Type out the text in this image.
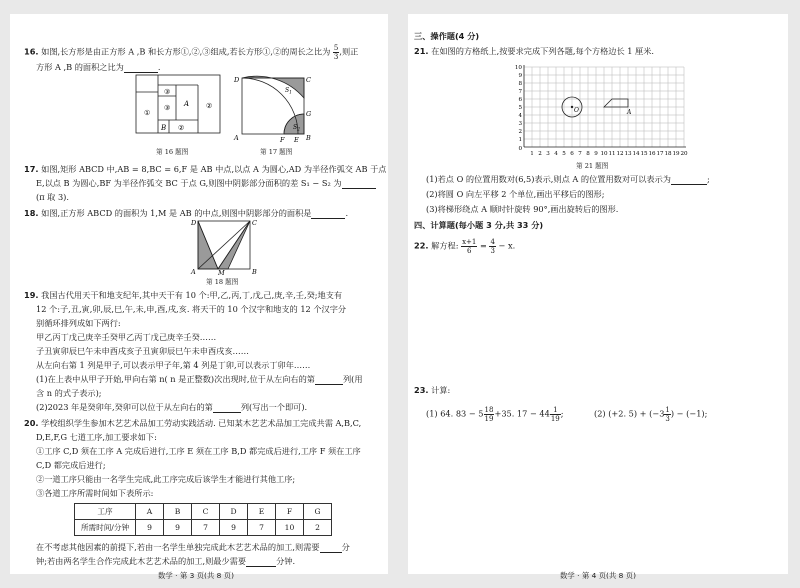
16. 如图,长方形是由正方形 A ,B 和长方形①,②,③组成,若长方形①,②的周长之比为 $\frac{5}{3}$ ,则正
方形 A ,B 的面积之比为	.
①
③
③ A ②
B ②
第 16 题图
D	C
A	B
F E
G
$S_1$
$S_2$
第 17 题图
17. 如图,矩形 ABCD 中,AB = 8,BC = 6,F 是 AB 中点,以点 A 为圆心,AD 为半径作弧交 AB 于点
E,以点 B 为圆心,BF 为半径作弧交 BC 于点 G,则图中阴影部分面积的差 S₁ − S₂ 为
(π 取 3).
18. 如图,正方形 ABCD 的面积为 1,M 是 AB 的中点,则图中阴影部分的面积是	.
D	C
A	B
M
第 18 题图
19. 我国古代用天干和地支纪年,其中天干有 10 个:甲,乙,丙,丁,戊,己,庚,辛,壬,癸;地支有
12 个:子,丑,寅,卯,辰,巳,午,未,申,酉,戌,亥. 将天干的 10 个汉字和地支的 12 个汉字分
别循环排列成如下两行:
甲乙丙丁戊己庚辛壬癸甲乙丙丁戊己庚辛壬癸……
子丑寅卯辰巳午未申酉戌亥子丑寅卯辰巳午未申酉戌亥……
从左向右第 1 列是甲子,可以表示甲子年,第 4 列是丁卯,可以表示丁卯年……
(1)在上表中从甲子开始,甲向右第 n( n 是正整数)次出现时,位于从左向右的第	列(用
含 n 的式子表示);
(2)2023 年是癸卯年,癸卯可以位于从左向右的第	列(写出一个即可).
20. 学校组织学生参加木艺艺术品加工劳动实践活动. 已知某木艺艺术品加工完成共需 A,B,C,
D,E,F,G 七道工序,加工要求如下:
①工序 C,D 须在工序 A 完成后进行,工序 E 须在工序 B,D 都完成后进行,工序 F 须在工序
C,D 都完成后进行;
②一道工序只能由一名学生完成,此工序完成后该学生才能进行其他工序;
③各道工序所需时间如下表所示:
工序	A	B	C	D	E	F	G
所需时间/分钟	9	9	7	9	7	10	2
在不考虑其他因素的前提下,若由一名学生单独完成此木艺艺术品的加工,则需要	分
钟;若由两名学生合作完成此木艺艺术品的加工,则最少需要	分钟.
数学 · 第 3 页(共 8 页)
三、操作题(4 分)
21. 在如图的方格纸上,按要求完成下列各题,每个方格边长 1 厘米.
O	A
10
9
8
7
6
5
4
3
2
1
0
1 2 3 4 5 6 7 8 9 10 11 12 13 14 15 16 17 18 19 20
第 21 题图
(1)若点 O 的位置用数对(6,5)表示,则点 A 的位置用数对可以表示为	;
(2)将圆 O 向左平移 2 个单位,画出平移后的图形;
(3)将梯形绕点 A 顺时针旋转 90°,画出旋转后的图形.
四、计算题(每小题 3 分,共 33 分)
22. 解方程: $\frac{x+1}{6} = \frac{4}{3} - x$.
23. 计算:
(1) 64. $83 - 5 \frac{18}{19} +35$. $17 - 44 \frac{1}{19}$ ;	(2) (+2. $5) + (-3 \frac{1}{3}$ ) − (−1);
数学 · 第 4 页(共 8 页)
